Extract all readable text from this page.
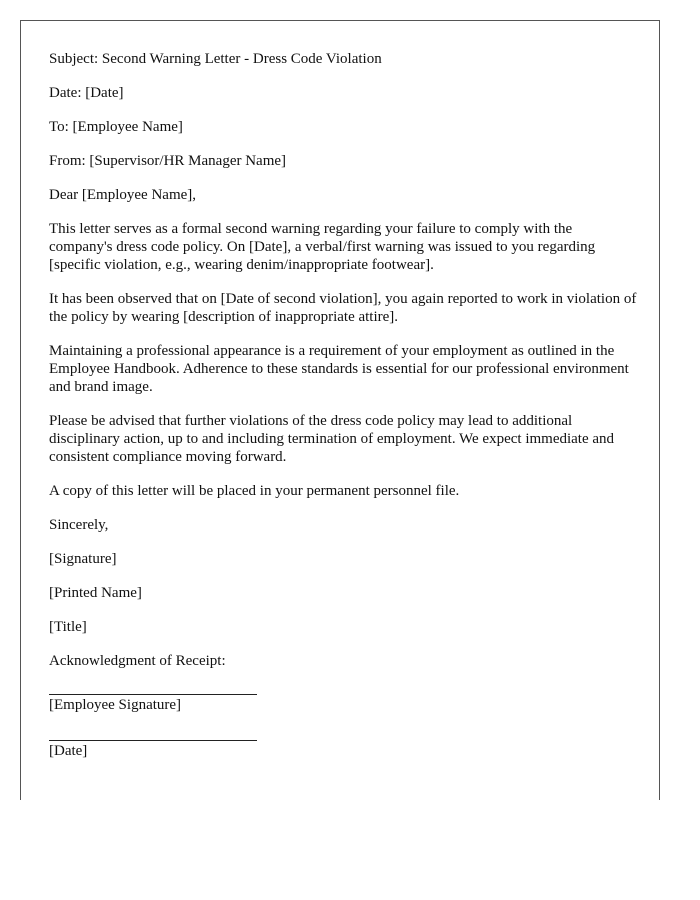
Subject: Second Warning Letter - Dress Code Violation

Date: [Date]

To: [Employee Name]

From: [Supervisor/HR Manager Name]

Dear [Employee Name],

This letter serves as a formal second warning regarding your failure to comply with the company's dress code policy. On [Date], a verbal/first warning was issued to you regarding [specific violation, e.g., wearing denim/inappropriate footwear].

It has been observed that on [Date of second violation], you again reported to work in violation of the policy by wearing [description of inappropriate attire].

Maintaining a professional appearance is a requirement of your employment as outlined in the Employee Handbook. Adherence to these standards is essential for our professional environment and brand image.

Please be advised that further violations of the dress code policy may lead to additional disciplinary action, up to and including termination of employment. We expect immediate and consistent compliance moving forward.

A copy of this letter will be placed in your permanent personnel file.

Sincerely,

[Signature]

[Printed Name]

[Title]

Acknowledgment of Receipt:

[Employee Signature]
[Date]
